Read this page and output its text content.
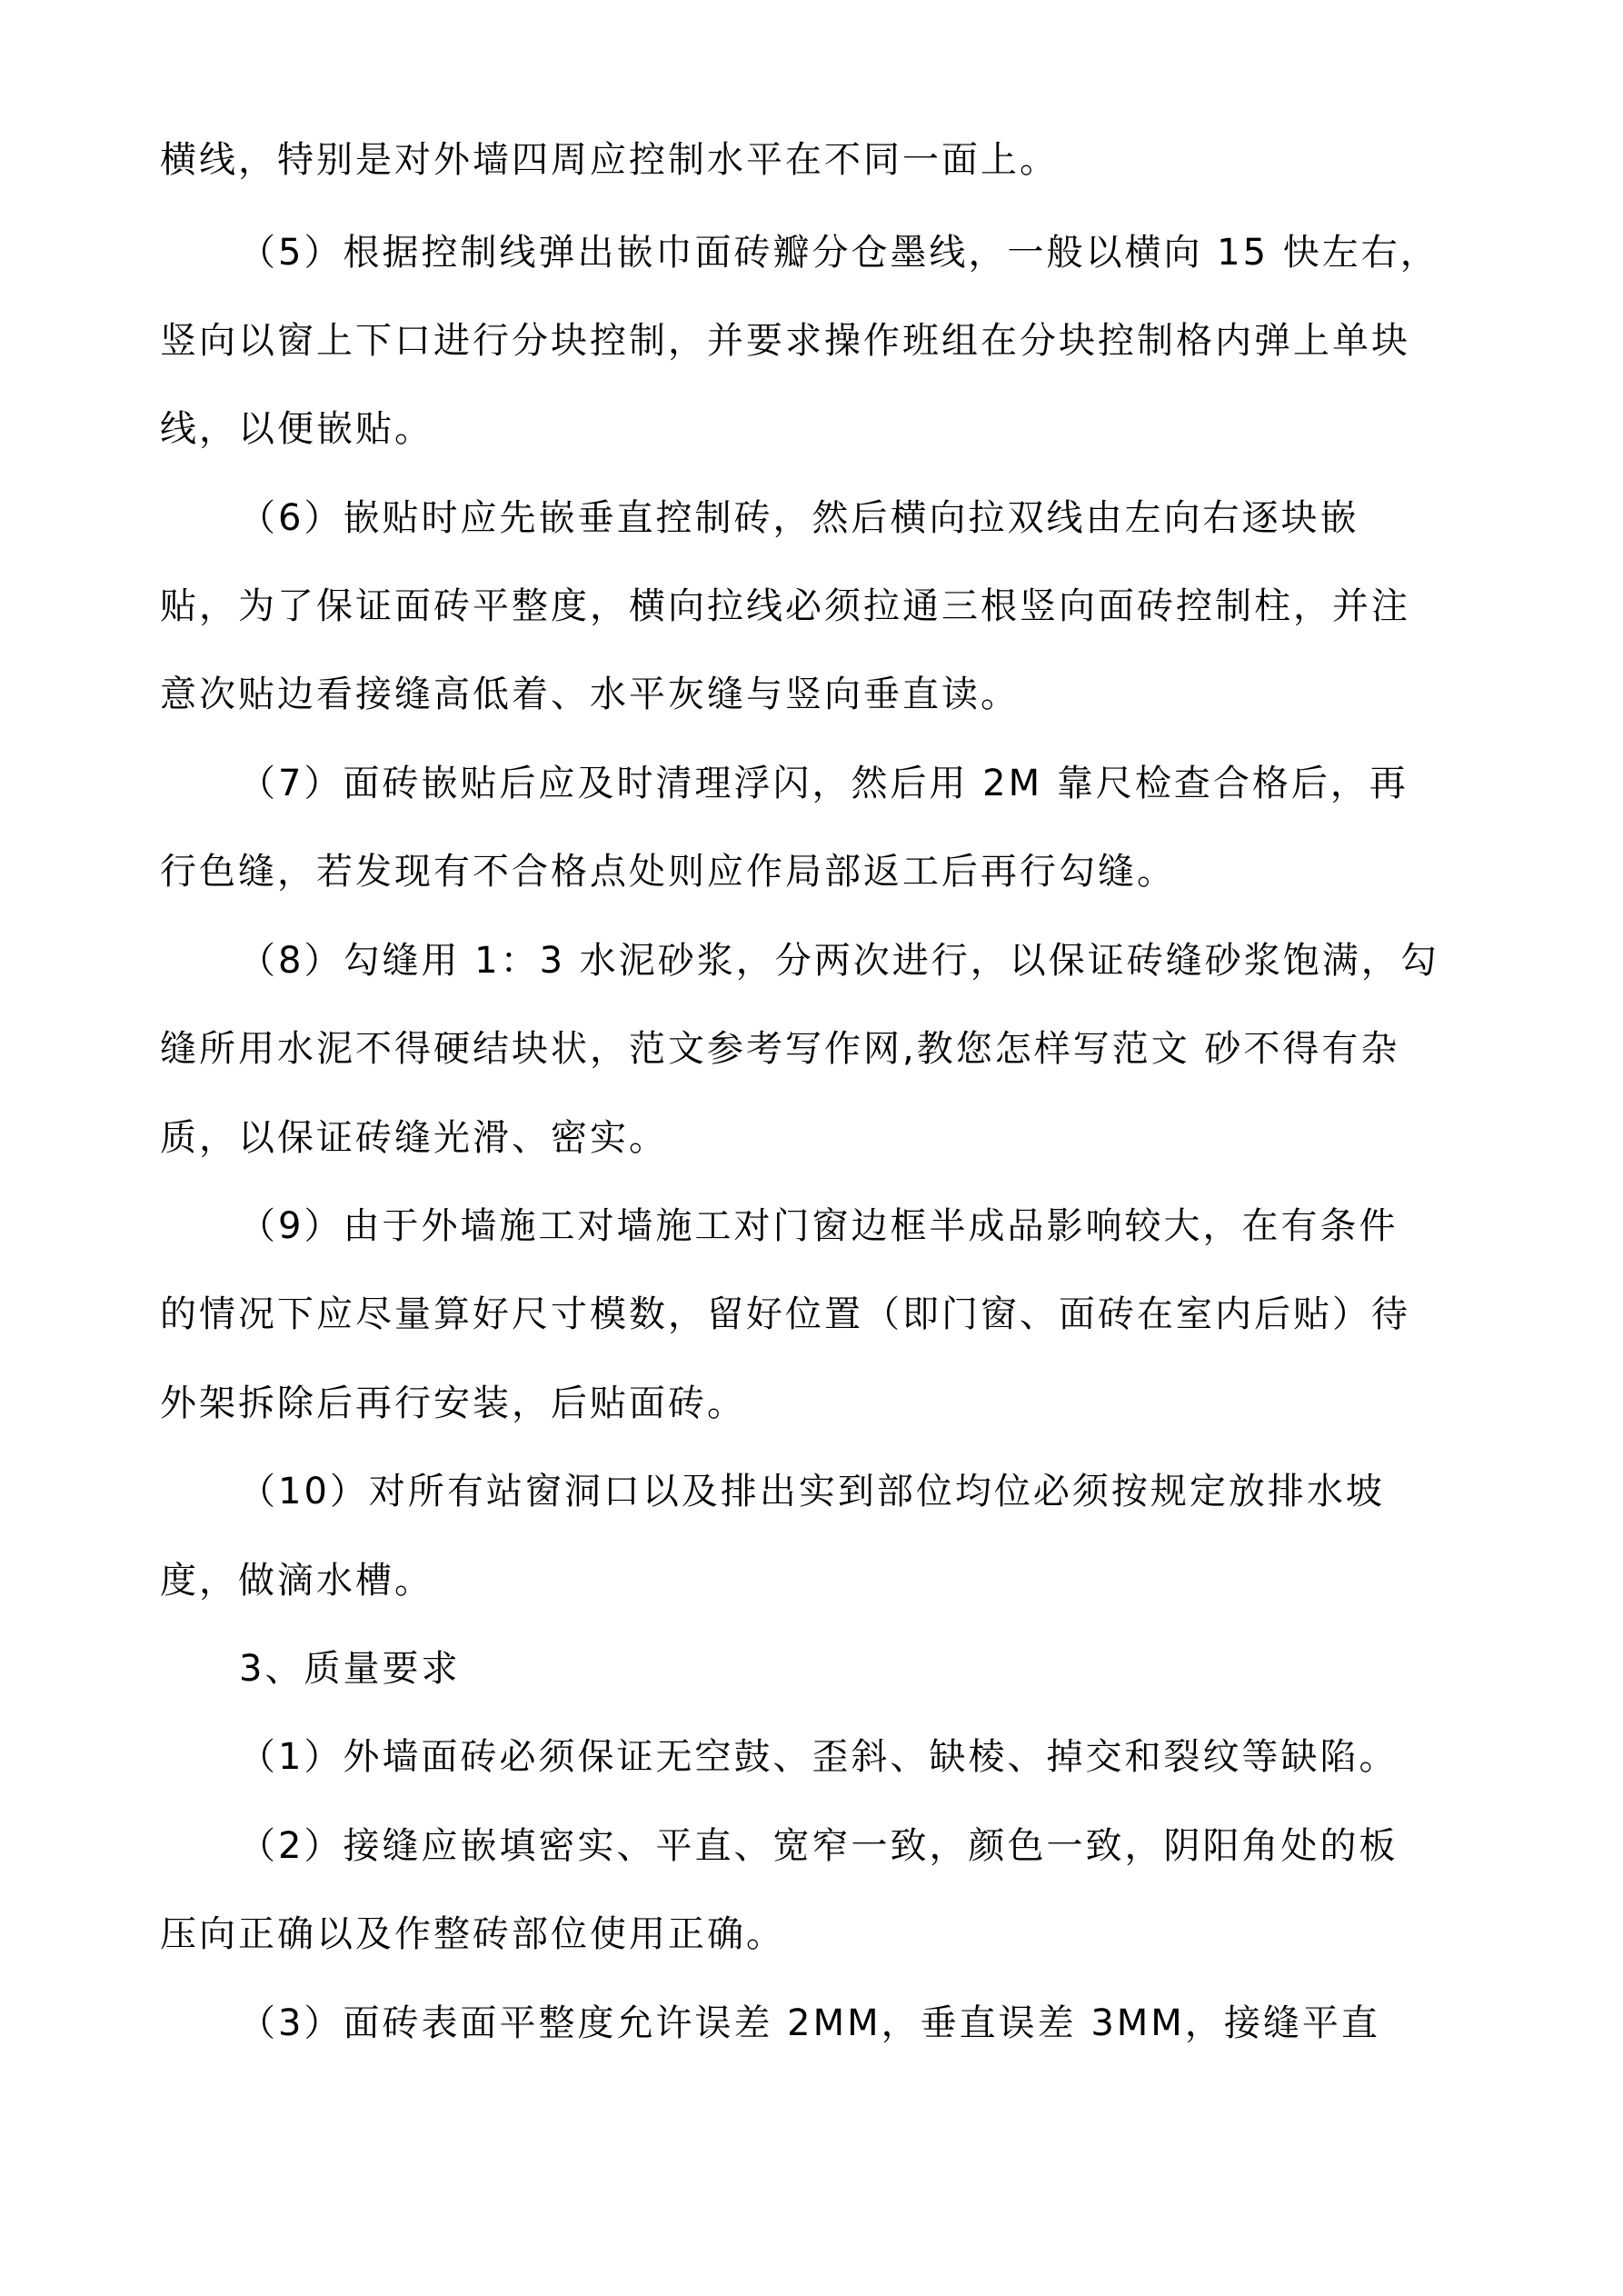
横线，特别是对外墙四周应控制水平在不同一面上。
（5）根据控制线弹出嵌巾面砖瓣分仓墨线，一般以横向 15 快左右，
竖向以窗上下口进行分块控制，并要求操作班组在分块控制格内弹上单块
线，以便嵌贴。
（6）嵌贴时应先嵌垂直控制砖，然后横向拉双线由左向右逐块嵌
贴，为了保证面砖平整度，横向拉线必须拉通三根竖向面砖控制柱，并注
意次贴边看接缝高低着、水平灰缝与竖向垂直读。
（7）面砖嵌贴后应及时清理浮闪，然后用 2M 靠尺检查合格后，再
行色缝，若发现有不合格点处则应作局部返工后再行勾缝。
（8）勾缝用 1：3 水泥砂浆，分两次进行，以保证砖缝砂浆饱满，勾
缝所用水泥不得硬结块状，范文参考写作网,教您怎样写范文 砂不得有杂
质，以保证砖缝光滑、密实。
（9）由于外墙施工对墙施工对门窗边框半成品影响较大，在有条件
的情况下应尽量算好尺寸模数，留好位置（即门窗、面砖在室内后贴）待
外架拆除后再行安装，后贴面砖。
（10）对所有站窗洞口以及排出实到部位均位必须按规定放排水坡
度，做滴水槽。
3、质量要求
（1）外墙面砖必须保证无空鼓、歪斜、缺棱、掉交和裂纹等缺陷。
（2）接缝应嵌填密实、平直、宽窄一致，颜色一致，阴阳角处的板
压向正确以及作整砖部位使用正确。
（3）面砖表面平整度允许误差 2MM，垂直误差 3MM，接缝平直
